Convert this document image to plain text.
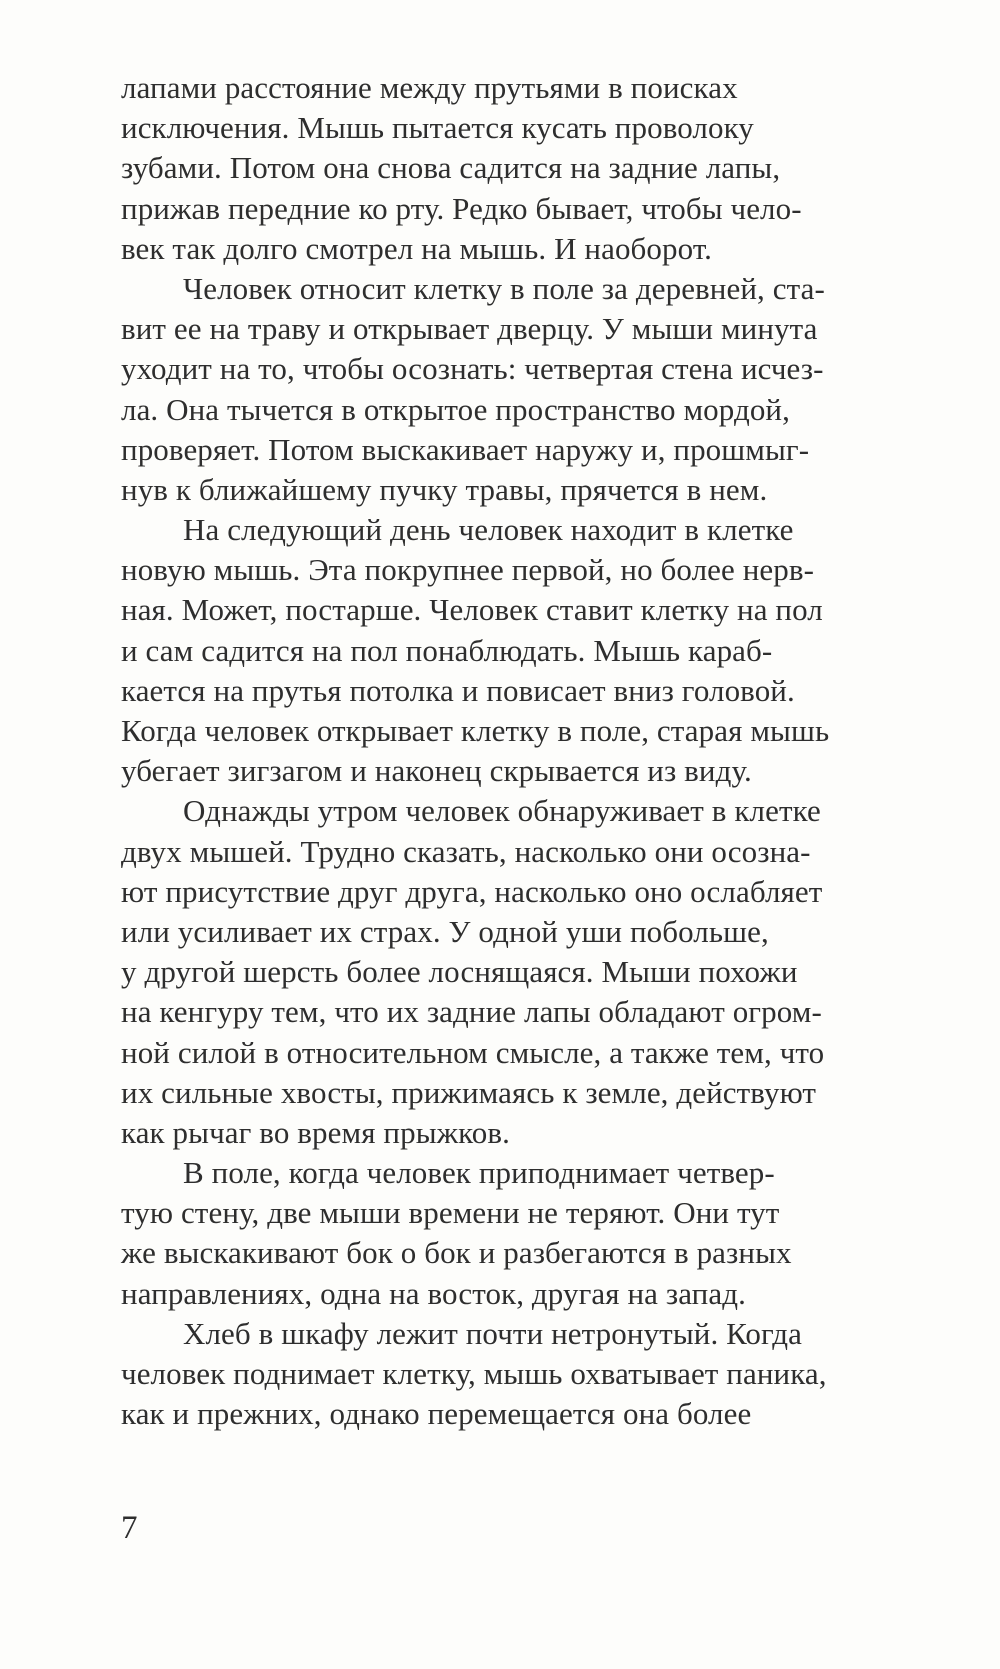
лапами расстояние между прутьями в поисках
исключения. Мышь пытается кусать проволоку
зубами. Потом она снова садится на задние лапы,
прижав передние ко рту. Редко бывает, чтобы чело-
век так долго смотрел на мышь. И наоборот.
Человек относит клетку в поле за деревней, ста-
вит ее на траву и открывает дверцу. У мыши минута
уходит на то, чтобы осознать: четвертая стена исчез-
ла. Она тычется в открытое пространство мордой,
проверяет. Потом выскакивает наружу и, прошмыг-
нув к ближайшему пучку травы, прячется в нем.
На следующий день человек находит в клетке
новую мышь. Эта покрупнее первой, но более нерв-
ная. Может, постарше. Человек ставит клетку на пол
и сам садится на пол понаблюдать. Мышь караб-
кается на прутья потолка и повисает вниз головой.
Когда человек открывает клетку в поле, старая мышь
убегает зигзагом и наконец скрывается из виду.
Однажды утром человек обнаруживает в клетке
двух мышей. Трудно сказать, насколько они осозна-
ют присутствие друг друга, насколько оно ослабляет
или усиливает их страх. У одной уши побольше,
у другой шерсть более лоснящаяся. Мыши похожи
на кенгуру тем, что их задние лапы обладают огром-
ной силой в относительном смысле, а также тем, что
их сильные хвосты, прижимаясь к земле, действуют
как рычаг во время прыжков.
В поле, когда человек приподнимает четвер-
тую стену, две мыши времени не теряют. Они тут
же выскакивают бок о бок и разбегаются в разных
направлениях, одна на восток, другая на запад.
Хлеб в шкафу лежит почти нетронутый. Когда
человек поднимает клетку, мышь охватывает паника,
как и прежних, однако перемещается она более
7
